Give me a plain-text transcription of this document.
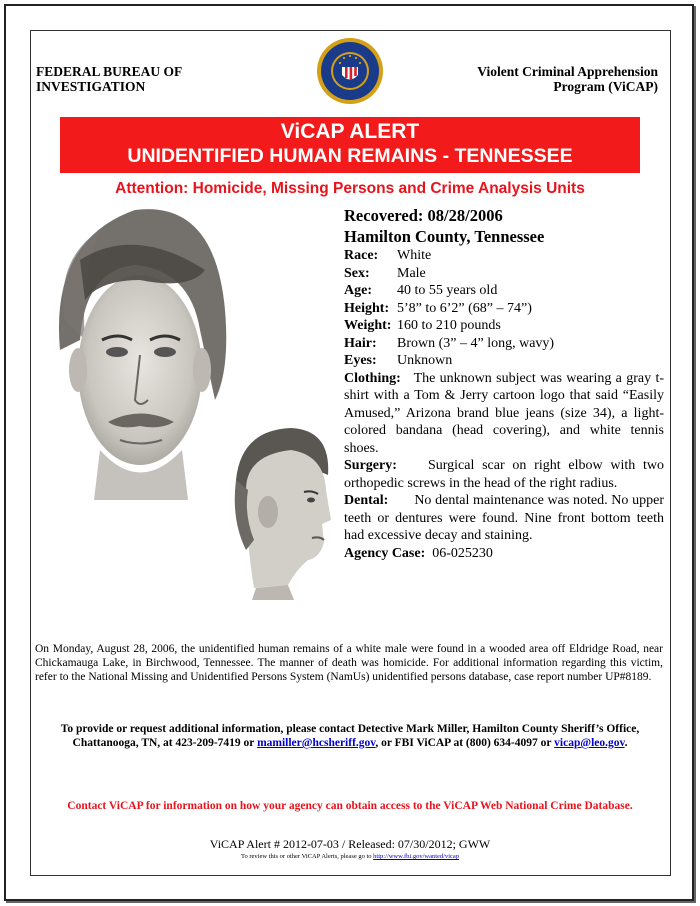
FEDERAL BUREAU OF
INVESTIGATION
Violent Criminal Apprehension
Program (ViCAP)
ViCAP ALERT
UNIDENTIFIED HUMAN REMAINS - TENNESSEE
Attention: Homicide, Missing Persons and Crime Analysis Units
Recovered: 08/28/2006
Hamilton County, Tennessee
Race: White
Sex: Male
Age: 40 to 55 years old
Height: 5’8” to 6’2” (68” – 74”)
Weight: 160 to 210 pounds
Hair: Brown (3” – 4” long, wavy)
Eyes: Unknown
Clothing: The unknown subject was wearing a gray t-shirt with a Tom & Jerry cartoon logo that said “Easily Amused,” Arizona brand blue jeans (size 34), a light-colored bandana (head covering), and white tennis shoes.
Surgery: Surgical scar on right elbow with two orthopedic screws in the head of the right radius.
Dental: No dental maintenance was noted. No upper teeth or dentures were found. Nine front bottom teeth had excessive decay and staining.
Agency Case: 06-025230
On Monday, August 28, 2006, the unidentified human remains of a white male were found in a wooded area off Eldridge Road, near Chickamauga Lake, in Birchwood, Tennessee. The manner of death was homicide. For additional information regarding this victim, refer to the National Missing and Unidentified Persons System (NamUs) unidentified persons database, case report number UP#8189.
To provide or request additional information, please contact Detective Mark Miller, Hamilton County Sheriff’s Office, Chattanooga, TN, at 423-209-7419 or mamiller@hcsheriff.gov, or FBI ViCAP at (800) 634-4097 or vicap@leo.gov.
Contact ViCAP for information on how your agency can obtain access to the ViCAP Web National Crime Database.
ViCAP Alert # 2012-07-03 / Released: 07/30/2012; GWW
To review this or other ViCAP Alerts, please go to http://www.fbi.gov/wanted/vicap
